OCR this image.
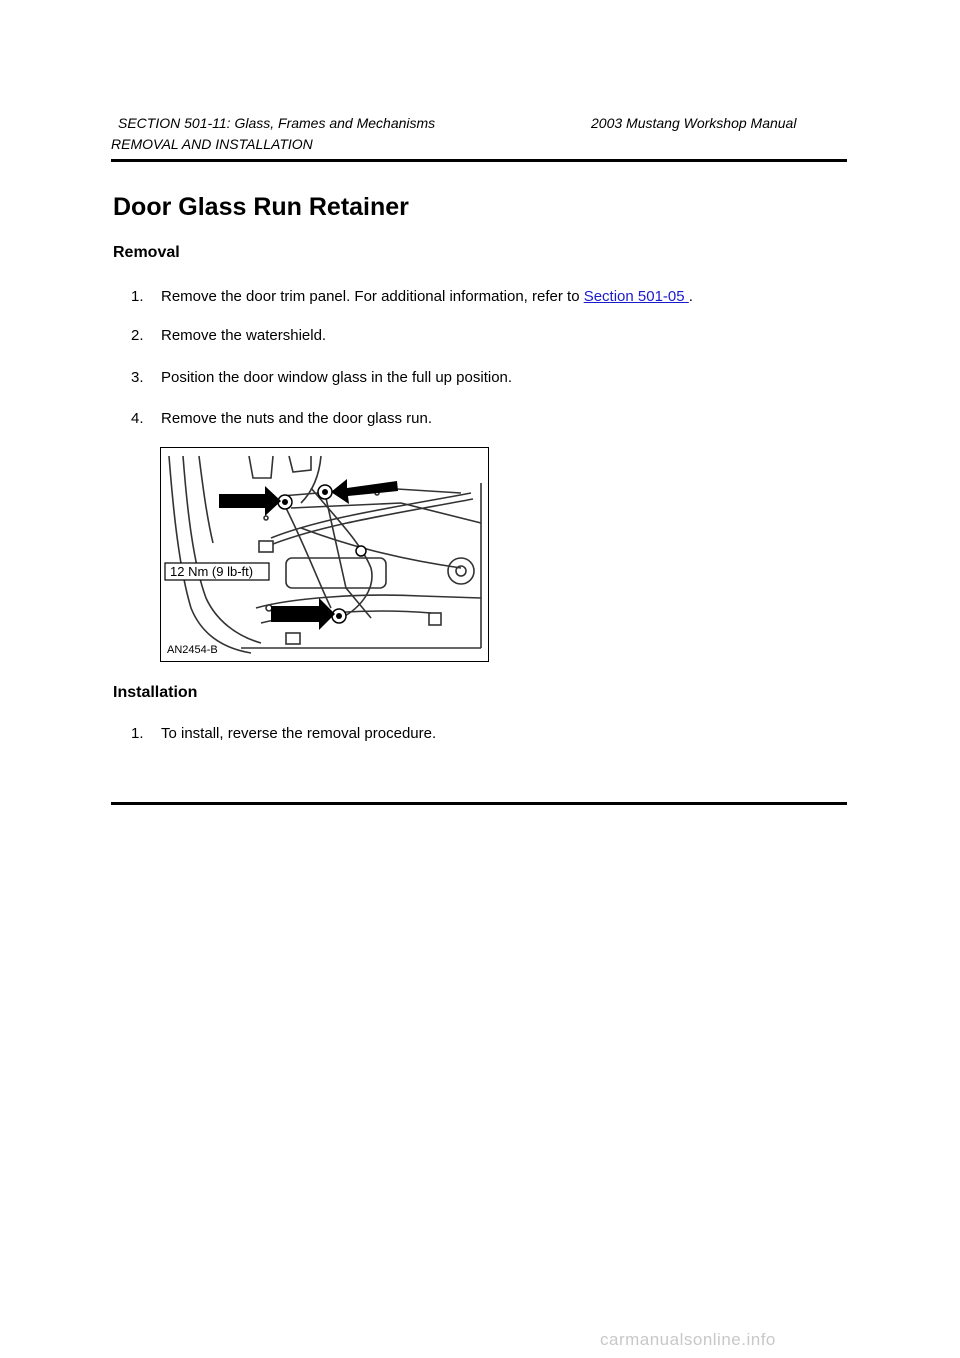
SECTION 501-11: Glass, Frames and Mechanisms	2003 Mustang Workshop Manual
REMOVAL AND INSTALLATION
Door Glass Run Retainer
Removal
1. Remove the door trim panel. For additional information, refer to Section 501-05 .
2. Remove the watershield.
3. Position the door window glass in the full up position.
4. Remove the nuts and the door glass run.
12 Nm (9 lb-ft)
AN2454-B
Installation
1. To install, reverse the removal procedure.
carmanualsonline.info
